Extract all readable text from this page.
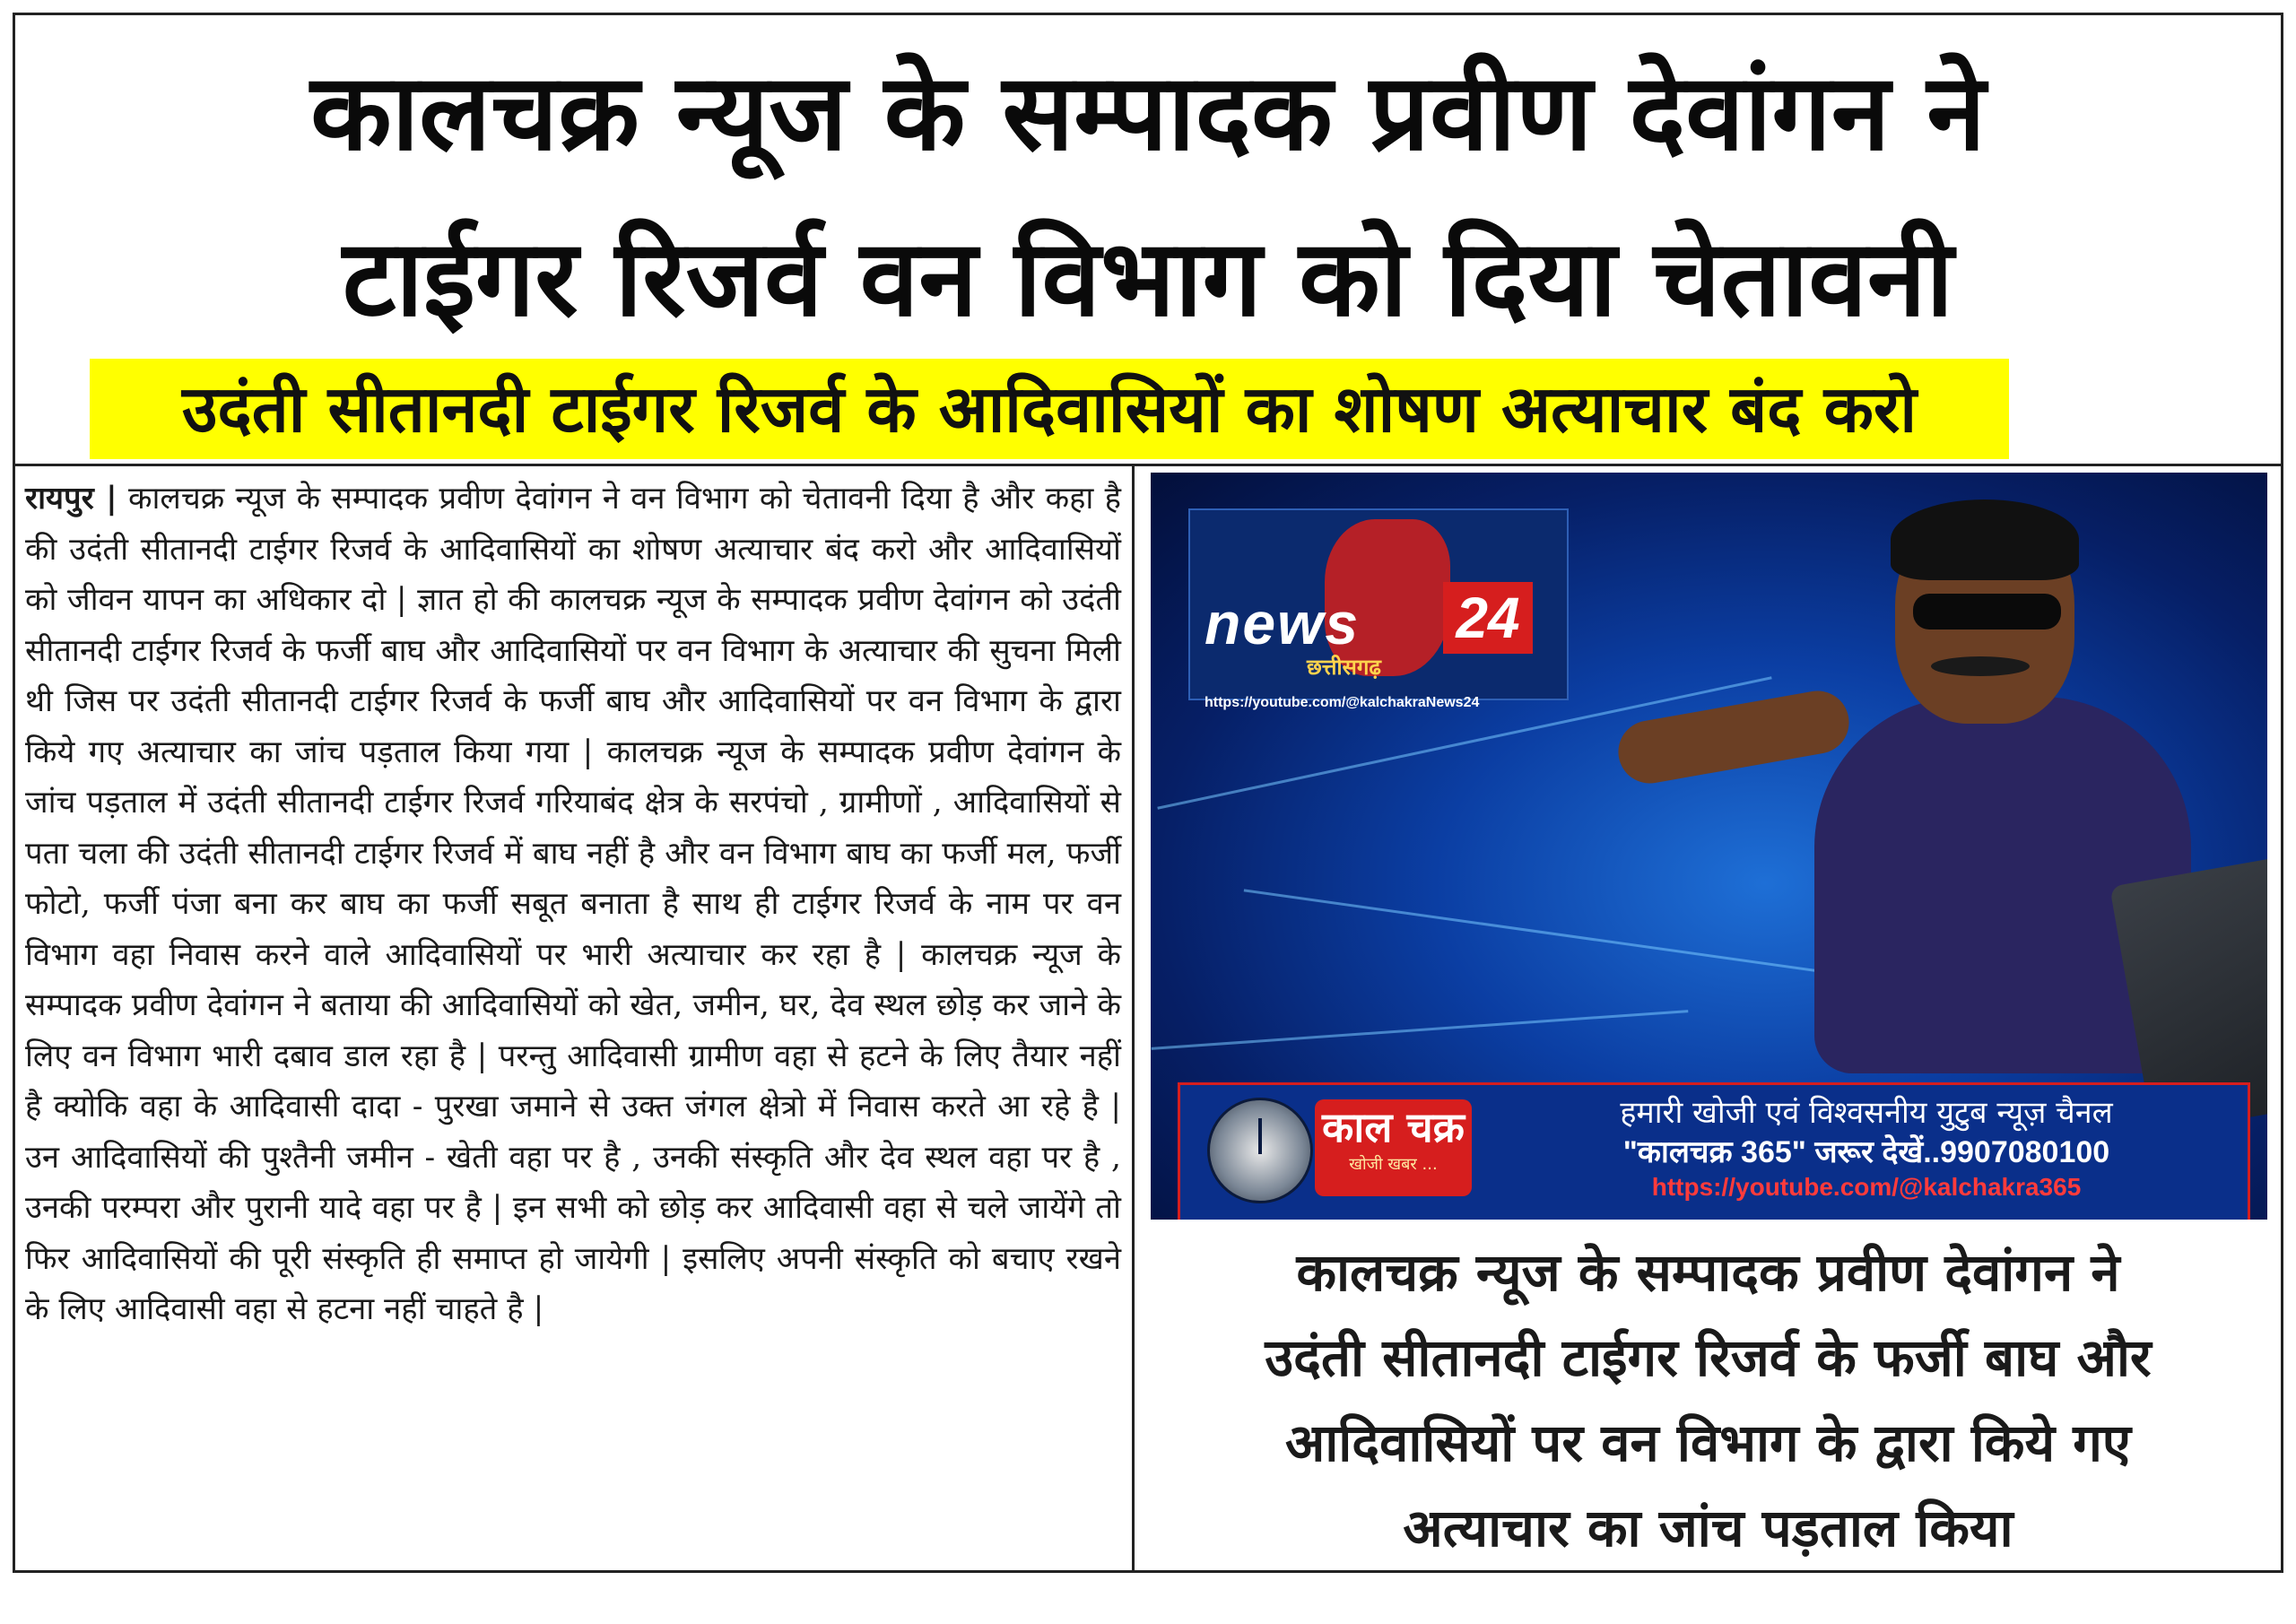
कालचक्र न्यूज के सम्पादक प्रवीण देवांगन ने
टाईगर रिजर्व वन विभाग को दिया चेतावनी
उदंती सीतानदी टाईगर रिजर्व के आदिवासियों का शोषण अत्याचार बंद करो
रायपुर | कालचक्र न्यूज के सम्पादक प्रवीण देवांगन ने वन विभाग को चेतावनी दिया है और कहा है की उदंती सीतानदी टाईगर रिजर्व के आदिवासियों का शोषण अत्याचार बंद करो और आदिवासियों को जीवन यापन का अधिकार दो | ज्ञात हो की कालचक्र न्यूज के सम्पादक प्रवीण देवांगन को उदंती सीतानदी टाईगर रिजर्व के फर्जी बाघ और आदिवासियों पर वन विभाग के अत्याचार की सुचना मिली थी जिस पर उदंती सीतानदी टाईगर रिजर्व के फर्जी बाघ और आदिवासियों पर वन विभाग के द्वारा किये गए अत्याचार का जांच पड़ताल किया गया | कालचक्र न्यूज के सम्पादक प्रवीण देवांगन के जांच पड़ताल में उदंती सीतानदी टाईगर रिजर्व गरियाबंद क्षेत्र के सरपंचो , ग्रामीणों , आदिवासियों से पता चला की उदंती सीतानदी टाईगर रिजर्व में बाघ नहीं है और वन विभाग बाघ का फर्जी मल, फर्जी फोटो, फर्जी पंजा बना कर बाघ का फर्जी सबूत बनाता है साथ ही टाईगर रिजर्व के नाम पर वन विभाग वहा निवास करने वाले आदिवासियों पर भारी अत्याचार कर रहा है | कालचक्र न्यूज के सम्पादक प्रवीण देवांगन ने बताया की आदिवासियों को खेत, जमीन, घर, देव स्थल छोड़ कर जाने के लिए वन विभाग भारी दबाव डाल रहा है | परन्तु आदिवासी ग्रामीण वहा से हटने के लिए तैयार नहीं है क्योकि वहा के आदिवासी दादा - पुरखा जमाने से उक्त जंगल क्षेत्रो में निवास करते आ रहे है | उन आदिवासियों की पुश्तैनी जमीन - खेती वहा पर है , उनकी संस्कृति और देव स्थल वहा पर है , उनकी परम्परा और पुरानी यादे वहा पर है | इन सभी को छोड़ कर आदिवासी वहा से चले जायेंगे तो फिर आदिवासियों की पूरी संस्कृति ही समाप्त हो जायेगी | इसलिए अपनी संस्कृति को बचाए रखने के लिए आदिवासी वहा से हटना नहीं चाहते है |
news 24
छत्तीसगढ़
https://youtube.com/@kalchakraNews24
काल चक्र
खोजी खबर ...
हमारी खोजी एवं विश्वसनीय युटुब न्यूज़ चैनल
"कालचक्र 365" जरूर देखें..9907080100
https://youtube.com/@kalchakra365
कालचक्र न्यूज के सम्पादक प्रवीण देवांगन ने
उदंती सीतानदी टाईगर रिजर्व के फर्जी बाघ और
आदिवासियों पर वन विभाग के द्वारा किये गए
अत्याचार का जांच पड़ताल किया
